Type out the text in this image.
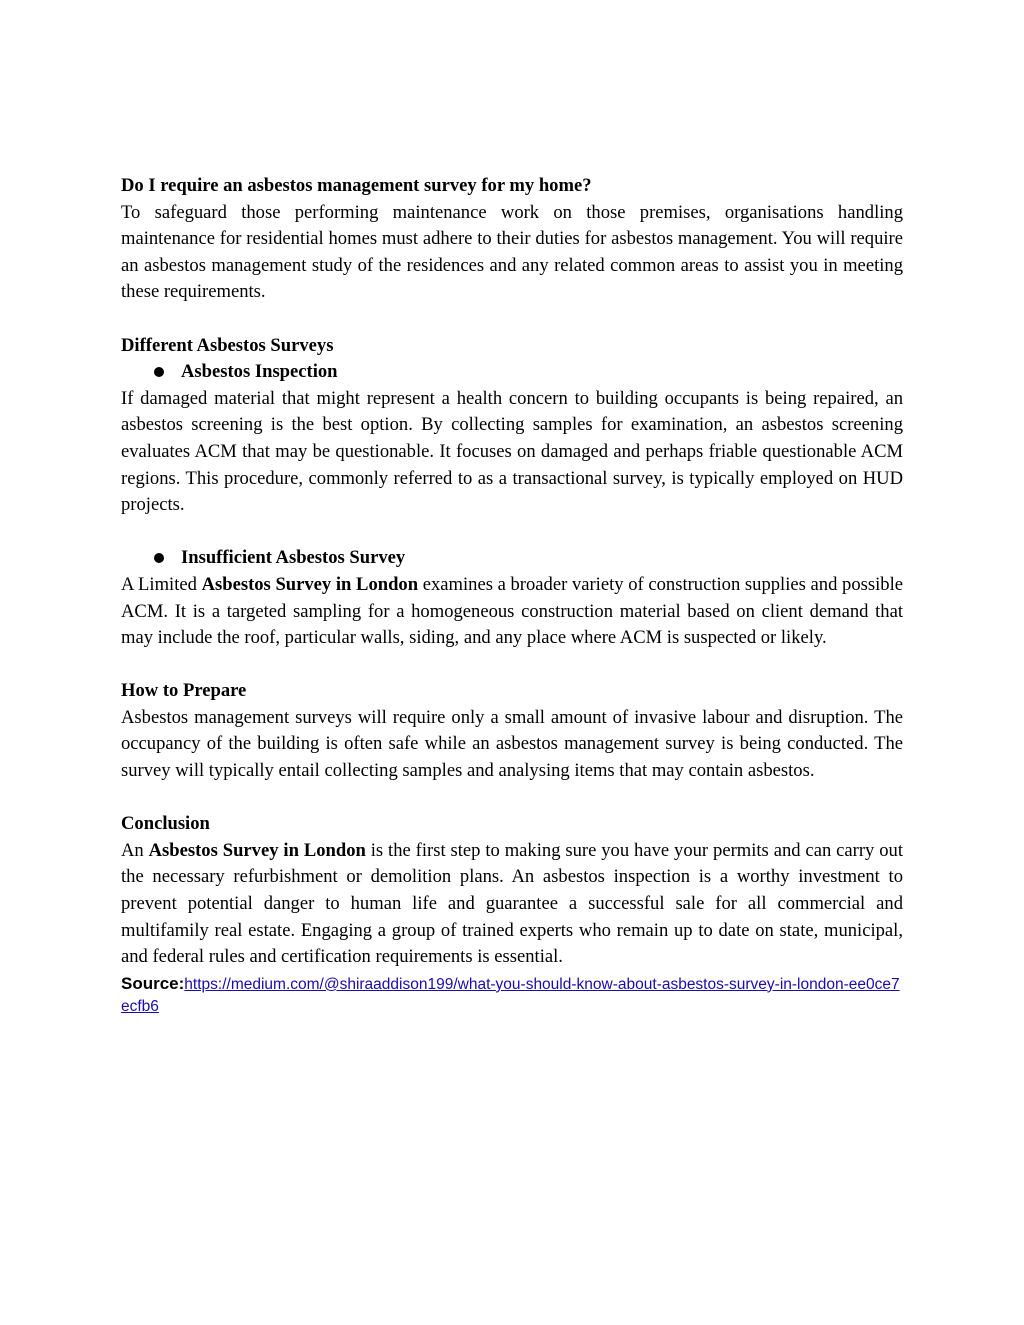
Do I require an asbestos management survey for my home?

To safeguard those performing maintenance work on those premises, organisations handling maintenance for residential homes must adhere to their duties for asbestos management. You will require an asbestos management study of the residences and any related common areas to assist you in meeting these requirements.

Different Asbestos Surveys

Asbestos Inspection

If damaged material that might represent a health concern to building occupants is being repaired, an asbestos screening is the best option. By collecting samples for examination, an asbestos screening evaluates ACM that may be questionable. It focuses on damaged and perhaps friable questionable ACM regions. This procedure, commonly referred to as a transactional survey, is typically employed on HUD projects.

Insufficient Asbestos Survey

A Limited Asbestos Survey in London examines a broader variety of construction supplies and possible ACM. It is a targeted sampling for a homogeneous construction material based on client demand that may include the roof, particular walls, siding, and any place where ACM is suspected or likely.

How to Prepare

Asbestos management surveys will require only a small amount of invasive labour and disruption. The occupancy of the building is often safe while an asbestos management survey is being conducted. The survey will typically entail collecting samples and analysing items that may contain asbestos.

Conclusion

An Asbestos Survey in London is the first step to making sure you have your permits and can carry out the necessary refurbishment or demolition plans. An asbestos inspection is a worthy investment to prevent potential danger to human life and guarantee a successful sale for all commercial and multifamily real estate. Engaging a group of trained experts who remain up to date on state, municipal, and federal rules and certification requirements is essential.

Source:https://medium.com/@shiraaddison199/what-you-should-know-about-asbestos-survey-in-london-ee0ce7ecfb6
